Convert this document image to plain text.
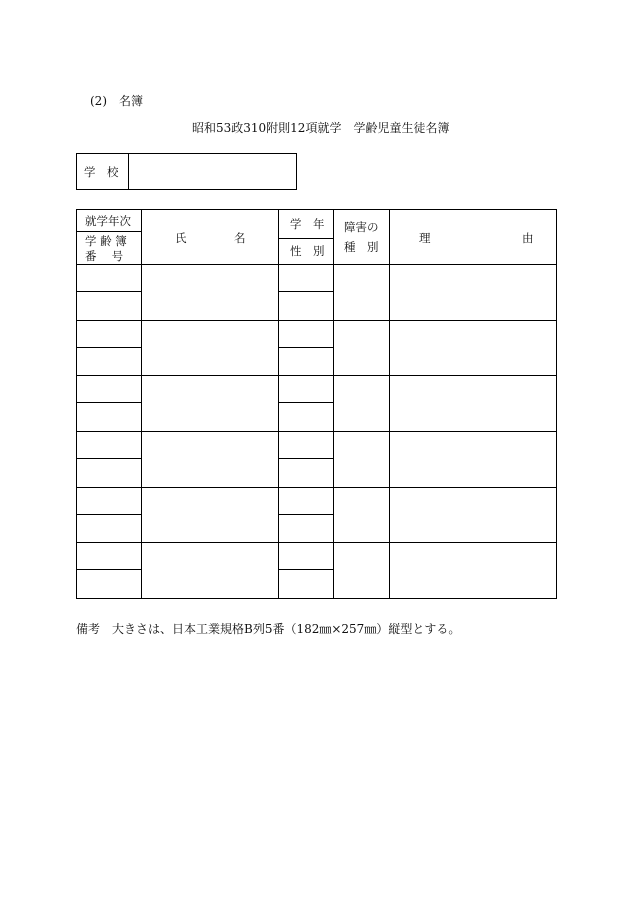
(2)　名簿
昭和53政310附則12項就学　学齢児童生徒名簿
学　校
就学年次
学 齢 簿
番　 号
氏	名
学　年
性　別
障害の
種　別
理	由
備考　大きさは、日本工業規格B列5番（182㎜×257㎜）縦型とする。
